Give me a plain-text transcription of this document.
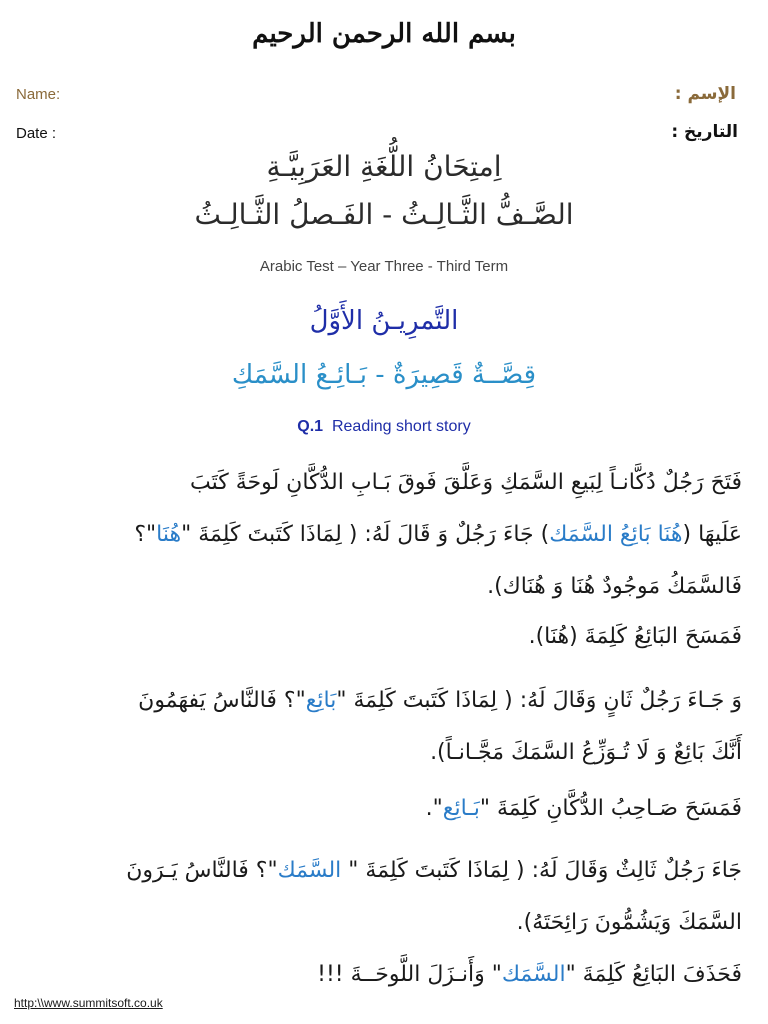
بسم الله الرحمن الرحيم
Name:
Date :
الإسم :
التاريخ :
اِمتِحَانُ اللُّغَةِ العَرَبِيَّـةِ
الصَّـفُّ الثَّـالِـثُ - الفَـصلُ الثَّـالِـثُ
Arabic Test – Year Three - Third Term
التَّمرِيـنُ الأَوَّلُ
قِصَّــةٌ قَصِيرَةٌ - بَـائِـعُ السَّمَكِ
Q.1 Reading short story
فَتَحَ رَجُلٌ دُكَّانـاً لِبَيعِ السَّمَكِ وَعَلَّقَ فَوقَ بَـابِ الدُّكَّانِ لَوحَةً كَتَبَ
عَلَيهَا (هُنَا بَائِعُ السَّمَك) جَاءَ رَجُلٌ وَ قَالَ لَهُ: ( لِمَاذَا كَتَبتَ كَلِمَةَ "هُنَا"؟
فَالسَّمَكُ مَوجُودٌ هُنَا وَ هُنَاك).
فَمَسَحَ البَائِعُ كَلِمَةَ (هُنَا).
وَ جَـاءَ رَجُلٌ ثَانٍ وَقَالَ لَهُ: ( لِمَاذَا كَتَبتَ كَلِمَةَ "بَائِع"؟ فَالنَّاسُ يَفهَمُونَ
أَنَّكَ بَائِعٌ وَ لَا تُـوَزِّعُ السَّمَكَ مَجَّـانـاً).
فَمَسَحَ صَـاحِبُ الدُّكَّانِ كَلِمَةَ "بَـائِع".
جَاءَ رَجُلٌ ثَالِثٌ وَقَالَ لَهُ: ( لِمَاذَا كَتَبتَ كَلِمَةَ " السَّمَك"؟ فَالنَّاسُ يَـرَونَ
السَّمَكَ وَيَشُمُّونَ رَائِحَتَهُ).
فَحَذَفَ البَائِعُ كَلِمَةَ "السَّمَك" وَأَنـزَلَ اللَّوحَــةَ !!!
http:\\www.summitsoft.co.uk
